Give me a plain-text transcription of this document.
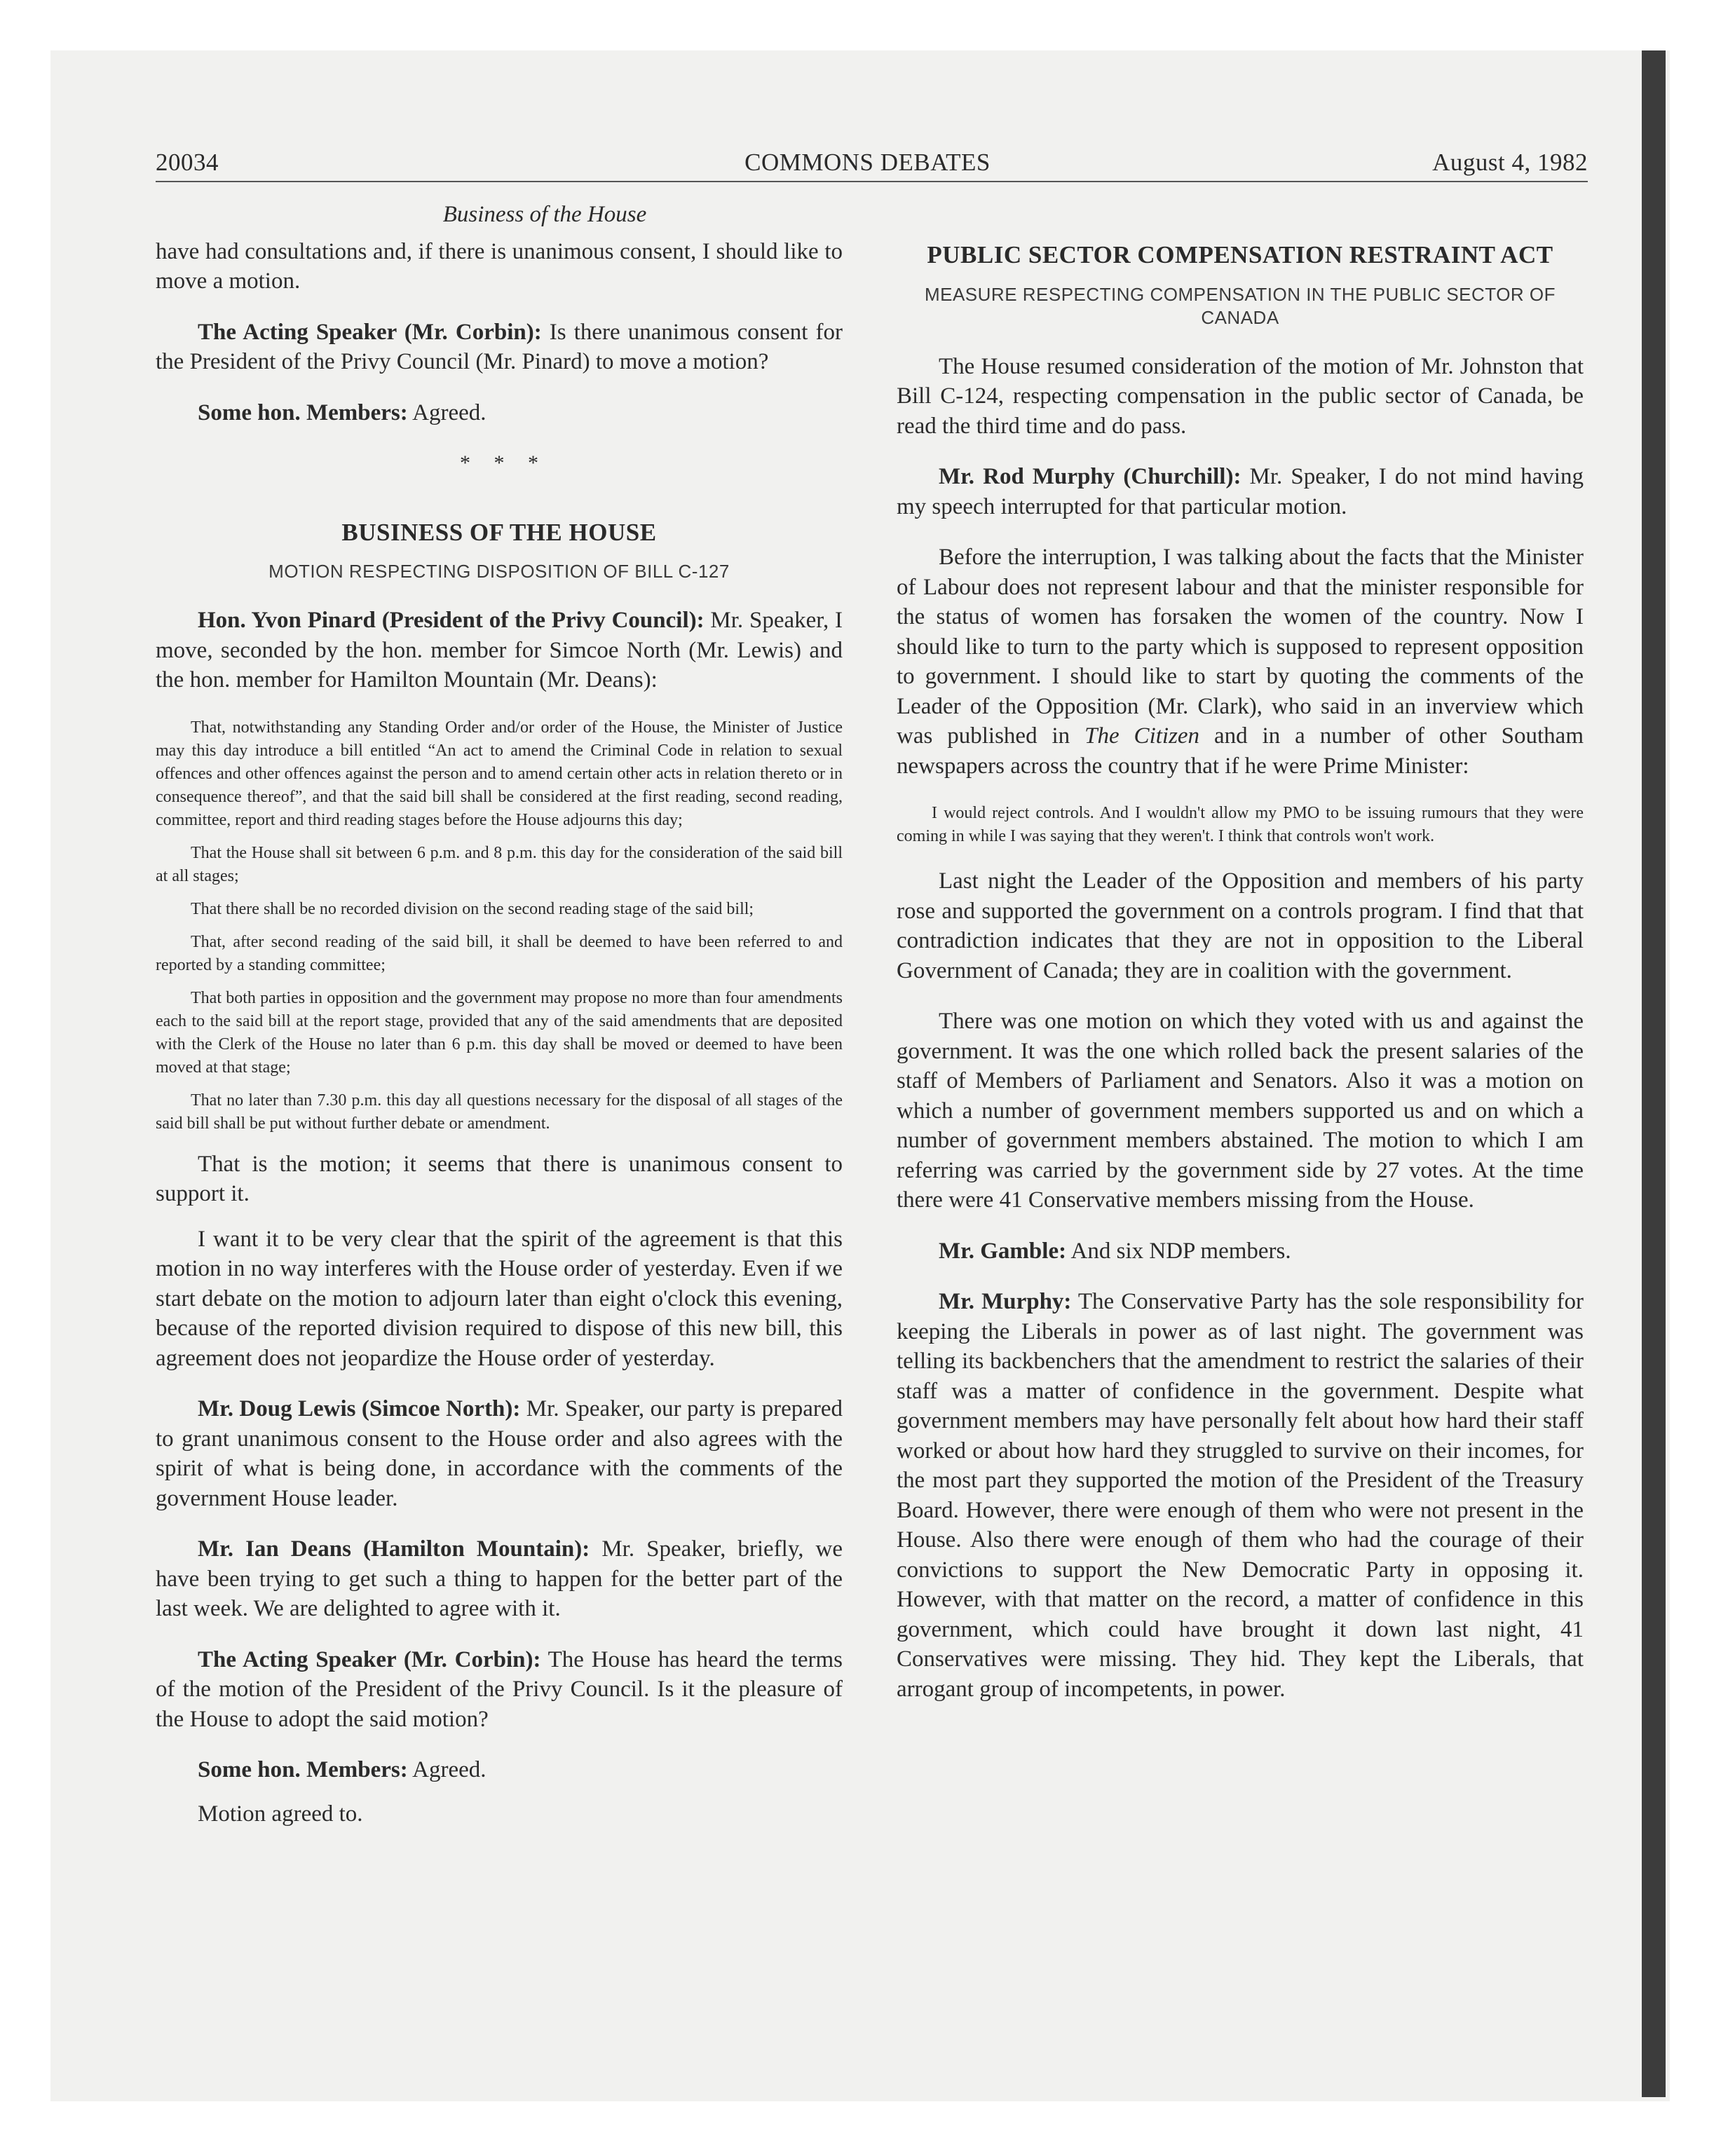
20034	COMMONS DEBATES	August 4, 1982
Business of the House

have had consultations and, if there is unanimous consent, I should like to move a motion.

The Acting Speaker (Mr. Corbin): Is there unanimous consent for the President of the Privy Council (Mr. Pinard) to move a motion?

Some hon. Members: Agreed.

* * *
BUSINESS OF THE HOUSE
MOTION RESPECTING DISPOSITION OF BILL C-127

Hon. Yvon Pinard (President of the Privy Council): Mr. Speaker, I move, seconded by the hon. member for Simcoe North (Mr. Lewis) and the hon. member for Hamilton Mountain (Mr. Deans):

That, notwithstanding any Standing Order and/or order of the House, the Minister of Justice may this day introduce a bill entitled “An act to amend the Criminal Code in relation to sexual offences and other offences against the person and to amend certain other acts in relation thereto or in consequence thereof”, and that the said bill shall be considered at the first reading, second reading, committee, report and third reading stages before the House adjourns this day;

That the House shall sit between 6 p.m. and 8 p.m. this day for the consideration of the said bill at all stages;

That there shall be no recorded division on the second reading stage of the said bill;

That, after second reading of the said bill, it shall be deemed to have been referred to and reported by a standing committee;

That both parties in opposition and the government may propose no more than four amendments each to the said bill at the report stage, provided that any of the said amendments that are deposited with the Clerk of the House no later than 6 p.m. this day shall be moved or deemed to have been moved at that stage;

That no later than 7.30 p.m. this day all questions necessary for the disposal of all stages of the said bill shall be put without further debate or amendment.

That is the motion; it seems that there is unanimous consent to support it.

I want it to be very clear that the spirit of the agreement is that this motion in no way interferes with the House order of yesterday. Even if we start debate on the motion to adjourn later than eight o'clock this evening, because of the reported division required to dispose of this new bill, this agreement does not jeopardize the House order of yesterday.

Mr. Doug Lewis (Simcoe North): Mr. Speaker, our party is prepared to grant unanimous consent to the House order and also agrees with the spirit of what is being done, in accordance with the comments of the government House leader.

Mr. Ian Deans (Hamilton Mountain): Mr. Speaker, briefly, we have been trying to get such a thing to happen for the better part of the last week. We are delighted to agree with it.

The Acting Speaker (Mr. Corbin): The House has heard the terms of the motion of the President of the Privy Council. Is it the pleasure of the House to adopt the said motion?

Some hon. Members: Agreed.

Motion agreed to.

PUBLIC SECTOR COMPENSATION RESTRAINT ACT
MEASURE RESPECTING COMPENSATION IN THE PUBLIC SECTOR OF CANADA

The House resumed consideration of the motion of Mr. Johnston that Bill C-124, respecting compensation in the public sector of Canada, be read the third time and do pass.

Mr. Rod Murphy (Churchill): Mr. Speaker, I do not mind having my speech interrupted for that particular motion.

Before the interruption, I was talking about the facts that the Minister of Labour does not represent labour and that the minister responsible for the status of women has forsaken the women of the country. Now I should like to turn to the party which is supposed to represent opposition to government. I should like to start by quoting the comments of the Leader of the Opposition (Mr. Clark), who said in an inverview which was published in The Citizen and in a number of other Southam newspapers across the country that if he were Prime Minister:

I would reject controls. And I wouldn't allow my PMO to be issuing rumours that they were coming in while I was saying that they weren't. I think that controls won't work.

Last night the Leader of the Opposition and members of his party rose and supported the government on a controls program. I find that that contradiction indicates that they are not in opposition to the Liberal Government of Canada; they are in coalition with the government.

There was one motion on which they voted with us and against the government. It was the one which rolled back the present salaries of the staff of Members of Parliament and Senators. Also it was a motion on which a number of government members supported us and on which a number of government members abstained. The motion to which I am referring was carried by the government side by 27 votes. At the time there were 41 Conservative members missing from the House.

Mr. Gamble: And six NDP members.

Mr. Murphy: The Conservative Party has the sole responsibility for keeping the Liberals in power as of last night. The government was telling its backbenchers that the amendment to restrict the salaries of their staff was a matter of confidence in the government. Despite what government members may have personally felt about how hard their staff worked or about how hard they struggled to survive on their incomes, for the most part they supported the motion of the President of the Treasury Board. However, there were enough of them who were not present in the House. Also there were enough of them who had the courage of their convictions to support the New Democratic Party in opposing it. However, with that matter on the record, a matter of confidence in this government, which could have brought it down last night, 41 Conservatives were missing. They hid. They kept the Liberals, that arrogant group of incompetents, in power.
